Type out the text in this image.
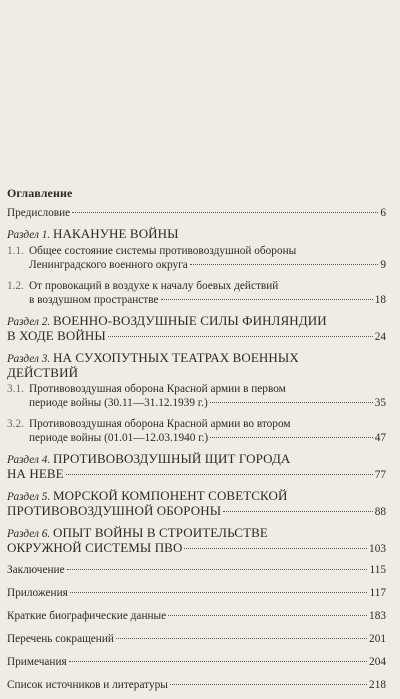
Оглавление
Предисловие	6
Раздел 1. НАКАНУНЕ ВОЙНЫ
1.1. Общее состояние системы противовоздушной обороны
Ленинградского военного округа	9
1.2. От провокаций в воздухе к началу боевых действий
в воздушном пространстве	18
Раздел 2. ВОЕННО-ВОЗДУШНЫЕ СИЛЫ ФИНЛЯНДИИ
В ХОДЕ ВОЙНЫ	24
Раздел 3. НА СУХОПУТНЫХ ТЕАТРАХ ВОЕННЫХ
ДЕЙСТВИЙ
3.1. Противовоздушная оборона Красной армии в первом
периоде войны (30.11—31.12.1939 г.)	35
3.2. Противовоздушная оборона Красной армии во втором
периоде войны (01.01—12.03.1940 г.)	47
Раздел 4. ПРОТИВОВОЗДУШНЫЙ ЩИТ ГОРОДА
НА НЕВЕ	77
Раздел 5. МОРСКОЙ КОМПОНЕНТ СОВЕТСКОЙ
ПРОТИВОВОЗДУШНОЙ ОБОРОНЫ	88
Раздел 6. ОПЫТ ВОЙНЫ В СТРОИТЕЛЬСТВЕ
ОКРУЖНОЙ СИСТЕМЫ ПВО	103
Заключение	115
Приложения	117
Краткие биографические данные	183
Перечень сокращений	201
Примечания	204
Список источников и литературы	218
